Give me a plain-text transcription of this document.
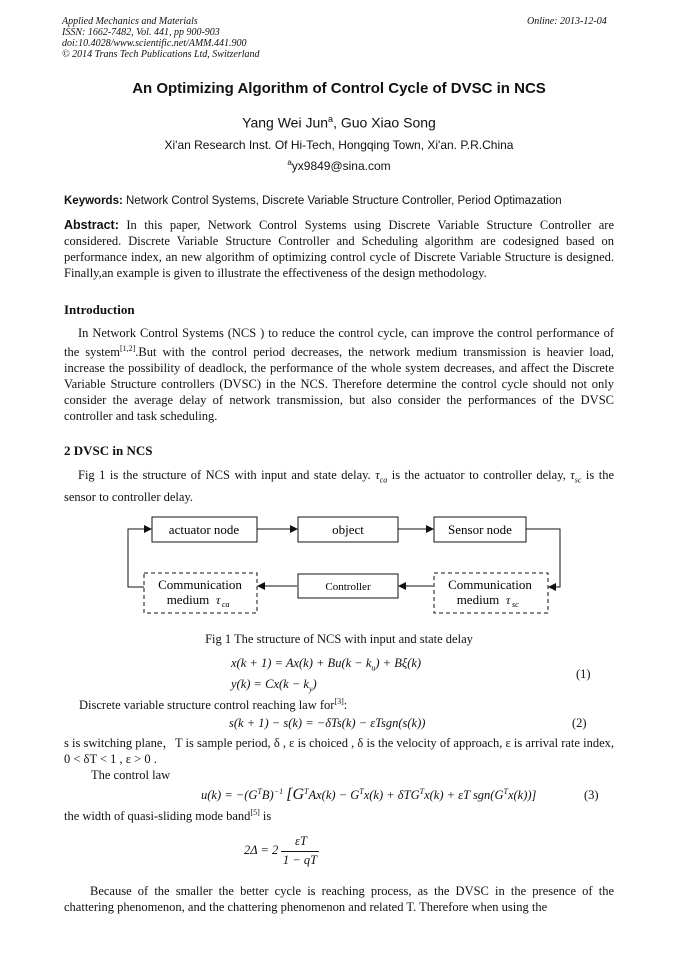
Applied Mechanics and Materials
ISSN: 1662-7482, Vol. 441, pp 900-903
doi:10.4028/www.scientific.net/AMM.441.900
© 2014 Trans Tech Publications Ltd, Switzerland
Online: 2013-12-04
An Optimizing Algorithm of Control Cycle of DVSC in NCS
Yang Wei Jun$^a$, Guo Xiao Song
Xi'an Research Inst. Of Hi-Tech, Hongqing Town, Xi'an. P.R.China
$^a$yx9849@sina.com
Keywords: Network Control Systems, Discrete Variable Structure Controller, Period Optimazation
Abstract: In this paper, Network Control Systems using Discrete Variable Structure Controller are considered. Discrete Variable Structure Controller and Scheduling algorithm are codesigned based on performance index, an new algorithm of optimizing control cycle of Discrete Variable Structure is designed. Finally,an example is given to illustrate the effectiveness of the design methodology.
Introduction
In Network Control Systems (NCS ) to reduce the control cycle, can improve the control performance of the system[1,2].But with the control period decreases, the network medium transmission is heavier load, increase the possibility of deadlock, the performance of the whole system decreases, and affect the Discrete Variable Structure controllers (DVSC) in the NCS. Therefore determine the control cycle should not only consider the average delay of network transmission, but also consider the performances of the DVSC controller and task scheduling.
2 DVSC in NCS
Fig 1 is the structure of NCS with input and state delay. $\tau_{ca}$ is the actuator to controller delay, $\tau_{sc}$ is the sensor to controller delay.
actuator node	object	Sensor node
Communication
medium τ ca
Controller	Communication
medium τ sc
Fig 1 The structure of NCS with input and state delay
$x(k + 1) = Ax(k) + Bu(k - k_u) + B\xi(k)$
$y(k) = Cx(k - k_y)$
(1)
Discrete variable structure control reaching law for[3]:
s(k + 1) − s(k) = −δTs(k) − εTsgn(s(k))	(2)
s is switching plane，T is sample period, δ , ε is choiced , δ is the velocity of approach, ε is arrival rate index, 0 < δT < 1 , ε > 0 .
The control law
$u(k) = -(G^TB)^{-1}$ [$G^TAx(k) - G^Tx(k) + \delta TG^Tx(k) + \varepsilon T$ $sgn(G^Tx(k))$]	(3)
the width of quasi-sliding mode band[5] is
2Δ = 2
εT
1 − qT
Because of the smaller the better cycle is reaching process, as the DVSC in the presence of the chattering phenomenon, and the chattering phenomenon and related T. Therefore when using the
